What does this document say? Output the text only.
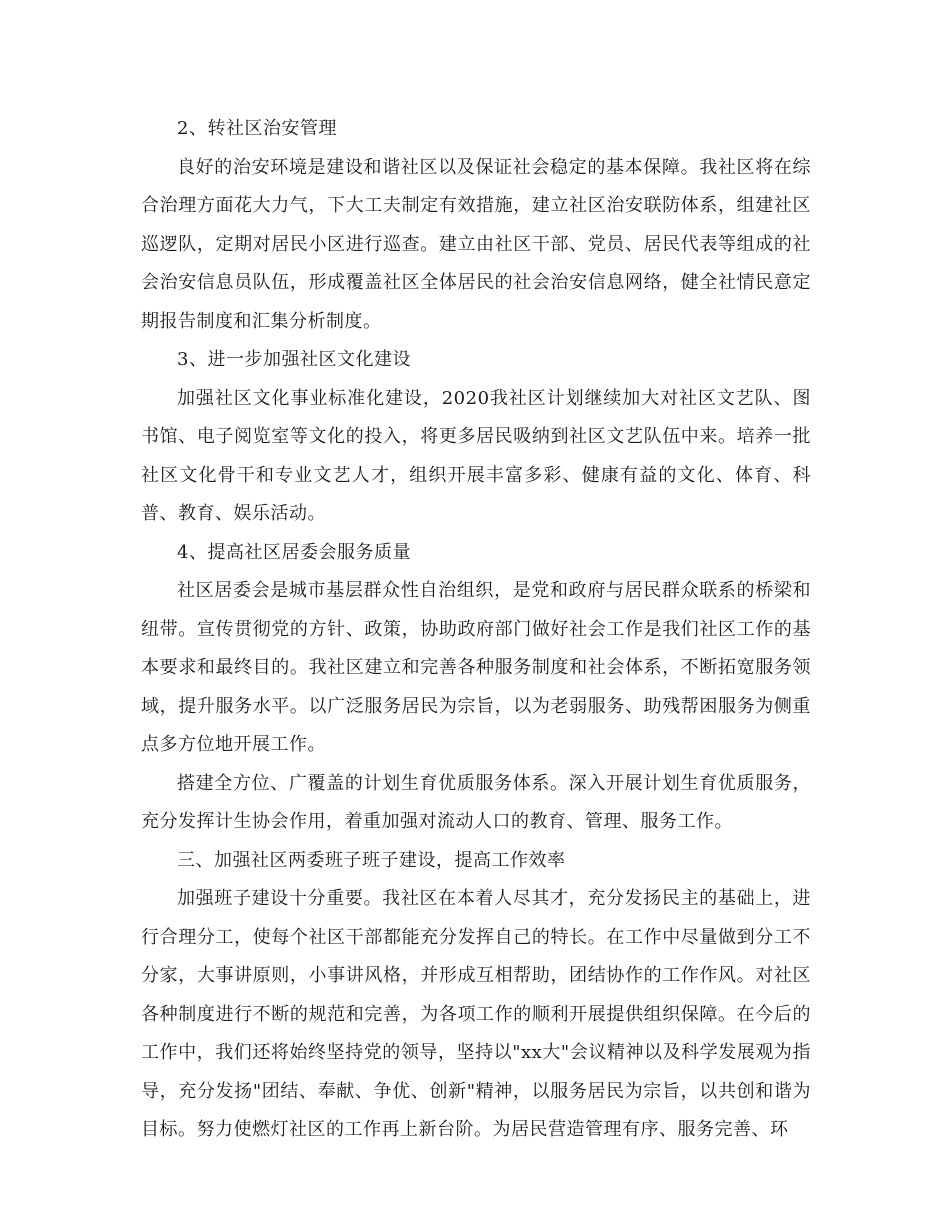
2、转社区治安管理

良好的治安环境是建设和谐社区以及保证社会稳定的基本保障。我社区将在综合治理方面花大力气，下大工夫制定有效措施，建立社区治安联防体系，组建社区巡逻队，定期对居民小区进行巡查。建立由社区干部、党员、居民代表等组成的社会治安信息员队伍，形成覆盖社区全体居民的社会治安信息网络，健全社情民意定期报告制度和汇集分析制度。

3、进一步加强社区文化建设

加强社区文化事业标准化建设，2020我社区计划继续加大对社区文艺队、图书馆、电子阅览室等文化的投入，将更多居民吸纳到社区文艺队伍中来。培养一批社区文化骨干和专业文艺人才，组织开展丰富多彩、健康有益的文化、体育、科普、教育、娱乐活动。

4、提高社区居委会服务质量

社区居委会是城市基层群众性自治组织，是党和政府与居民群众联系的桥梁和纽带。宣传贯彻党的方针、政策，协助政府部门做好社会工作是我们社区工作的基本要求和最终目的。我社区建立和完善各种服务制度和社会体系，不断拓宽服务领域，提升服务水平。以广泛服务居民为宗旨，以为老弱服务、助残帮困服务为侧重点多方位地开展工作。

搭建全方位、广覆盖的计划生育优质服务体系。深入开展计划生育优质服务，充分发挥计生协会作用，着重加强对流动人口的教育、管理、服务工作。

三、加强社区两委班子班子建设，提高工作效率

加强班子建设十分重要。我社区在本着人尽其才，充分发扬民主的基础上，进行合理分工，使每个社区干部都能充分发挥自己的特长。在工作中尽量做到分工不分家，大事讲原则，小事讲风格，并形成互相帮助，团结协作的工作作风。对社区各种制度进行不断的规范和完善，为各项工作的顺利开展提供组织保障。在今后的工作中，我们还将始终坚持党的领导，坚持以"xx大"会议精神以及科学发展观为指导，充分发扬"团结、奉献、争优、创新"精神，以服务居民为宗旨，以共创和谐为目标。努力使燃灯社区的工作再上新台阶。为居民营造管理有序、服务完善、环
